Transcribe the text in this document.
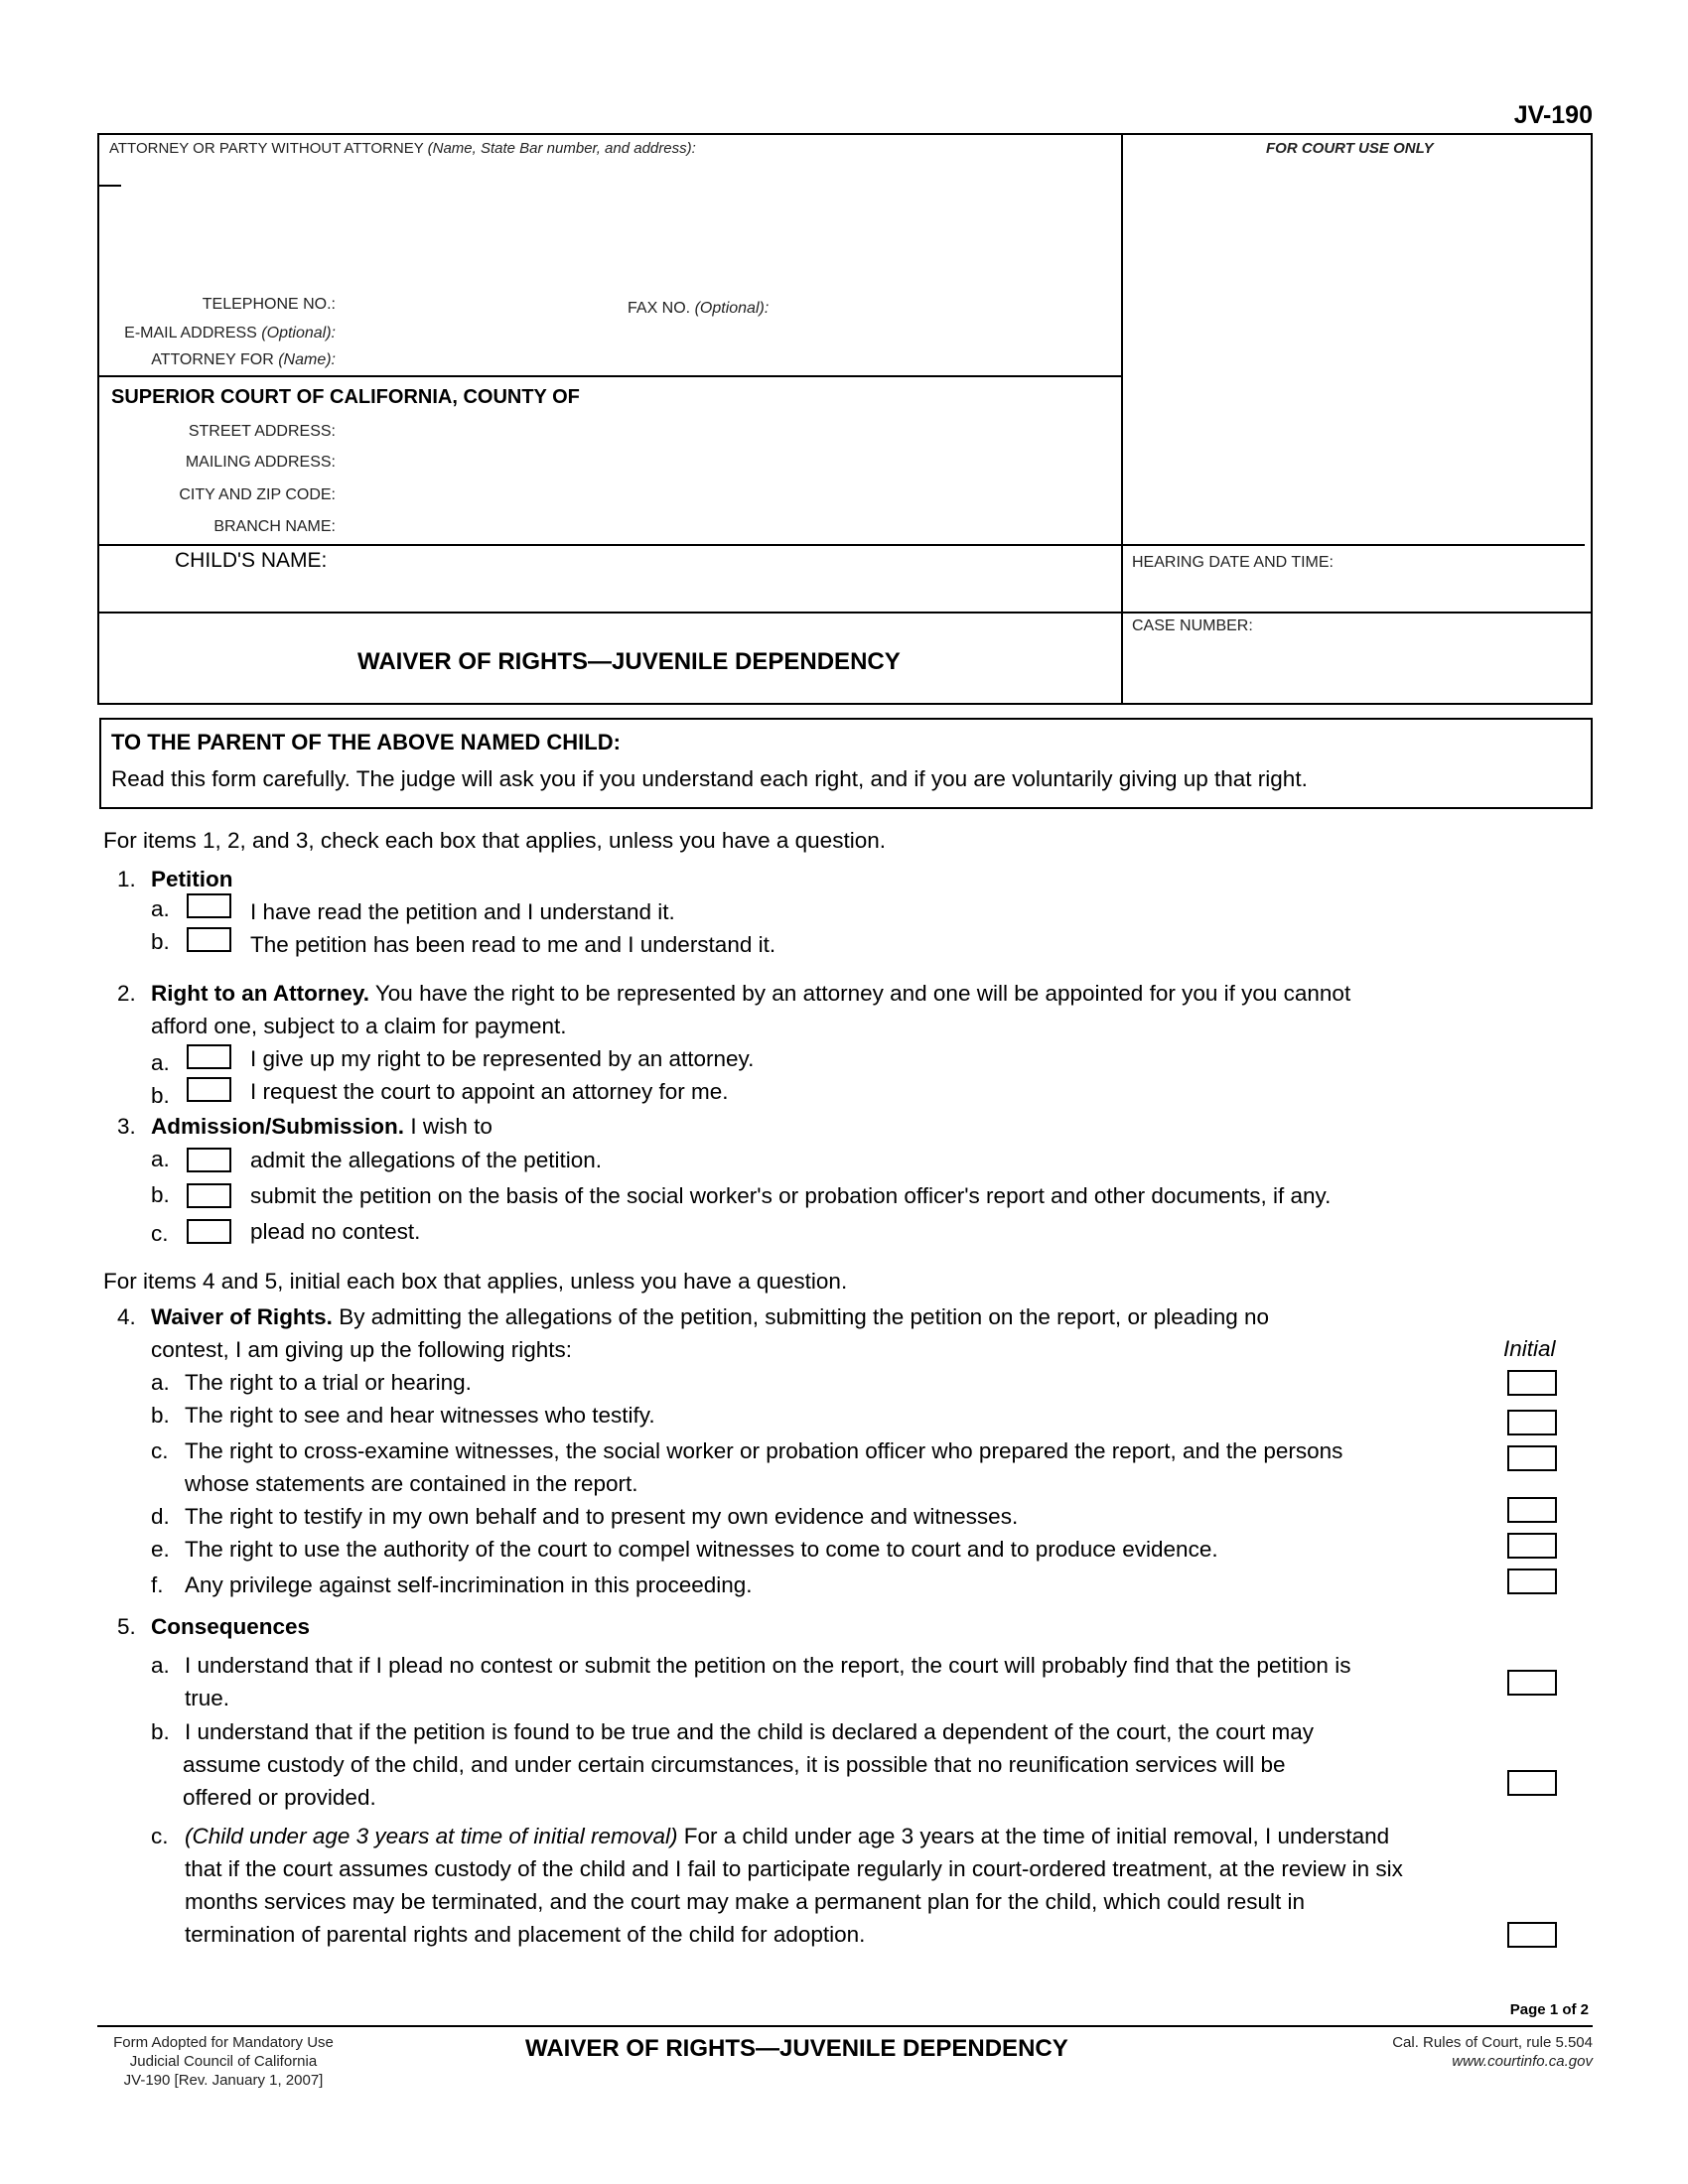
JV-190
ATTORNEY OR PARTY WITHOUT ATTORNEY (Name, State Bar number, and address):	FOR COURT USE ONLY
TELEPHONE NO.:	FAX NO. (Optional):
E-MAIL ADDRESS (Optional):
ATTORNEY FOR (Name):
SUPERIOR COURT OF CALIFORNIA, COUNTY OF
STREET ADDRESS:
MAILING ADDRESS:
CITY AND ZIP CODE:
BRANCH NAME:
CHILD'S NAME:	HEARING DATE AND TIME:
CASE NUMBER:
WAIVER OF RIGHTS—JUVENILE DEPENDENCY
TO THE PARENT OF THE ABOVE NAMED CHILD:
Read this form carefully. The judge will ask you if you understand each right, and if you are voluntarily giving up that right.
For items 1, 2, and 3, check each box that applies, unless you have a question.
1. Petition
a.	I have read the petition and I understand it.
b.	The petition has been read to me and I understand it.
2. Right to an Attorney. You have the right to be represented by an attorney and one will be appointed for you if you cannot
afford one, subject to a claim for payment.
a.	I give up my right to be represented by an attorney.
b.	I request the court to appoint an attorney for me.
3. Admission/Submission. I wish to
a.	admit the allegations of the petition.
b.	submit the petition on the basis of the social worker's or probation officer's report and other documents, if any.
c.	plead no contest.
For items 4 and 5, initial each box that applies, unless you have a question.
4. Waiver of Rights. By admitting the allegations of the petition, submitting the petition on the report, or pleading no
contest, I am giving up the following rights:	Initial
a. The right to a trial or hearing.
b. The right to see and hear witnesses who testify.
c. The right to cross-examine witnesses, the social worker or probation officer who prepared the report, and the persons
whose statements are contained in the report.
d. The right to testify in my own behalf and to present my own evidence and witnesses.
e. The right to use the authority of the court to compel witnesses to come to court and to produce evidence.
f. Any privilege against self-incrimination in this proceeding.
5. Consequences
a. I understand that if I plead no contest or submit the petition on the report, the court will probably find that the petition is
true.
b. I understand that if the petition is found to be true and the child is declared a dependent of the court, the court may
assume custody of the child, and under certain circumstances, it is possible that no reunification services will be
offered or provided.
c. (Child under age 3 years at time of initial removal) For a child under age 3 years at the time of initial removal, I understand
that if the court assumes custody of the child and I fail to participate regularly in court-ordered treatment, at the review in six
months services may be terminated, and the court may make a permanent plan for the child, which could result in
termination of parental rights and placement of the child for adoption.
Page 1 of 2
Form Adopted for Mandatory Use
Judicial Council of California
JV-190 [Rev. January 1, 2007]
WAIVER OF RIGHTS—JUVENILE DEPENDENCY	Cal. Rules of Court, rule 5.504
www.courtinfo.ca.gov
